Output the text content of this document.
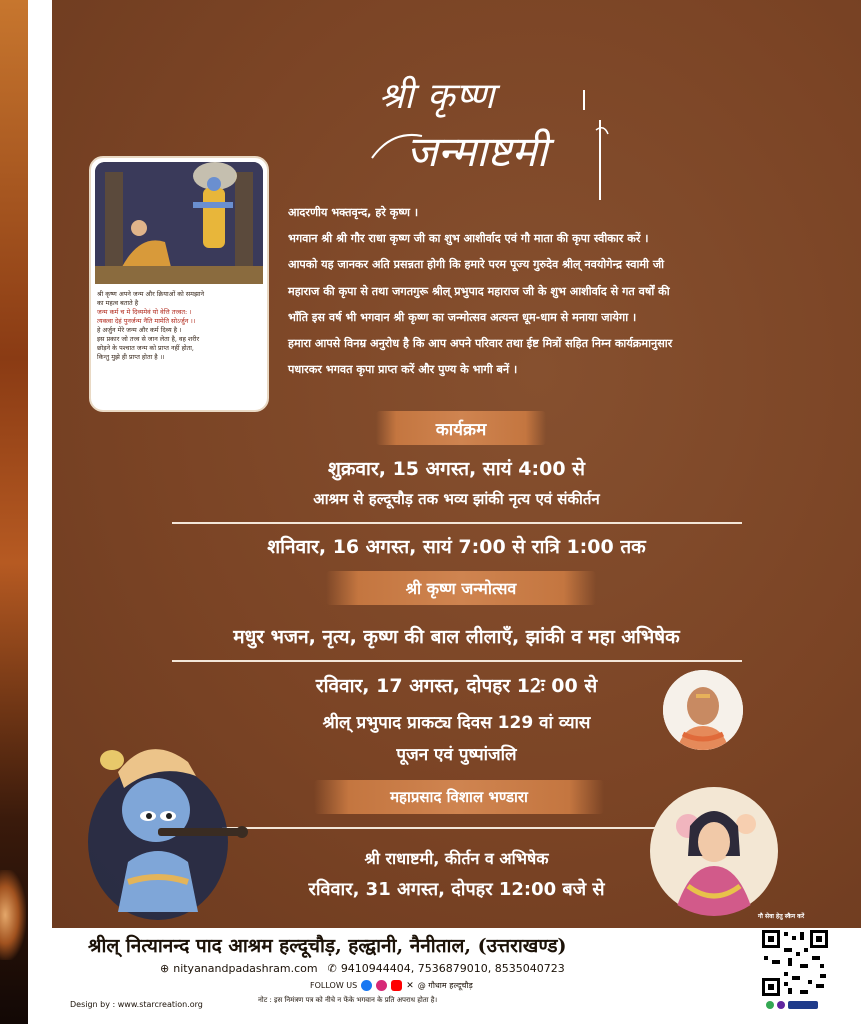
श्री कृष्ण
जन्माष्टमी
श्री कृष्ण अपने जन्म और क्रियाओं को समझाने
का महत्व बताते है
जन्म कर्म च मे दिव्यमेवं यो वेत्ति तत्त्वत: ।
त्यक्त्वा देहं पुनर्जन्म नैति मामेति सोऽर्जुन ।।
हे अर्जुन मेरे जन्म और कर्म दिव्य है ।
इस प्रकार जो तत्त्व से जान लेता है, वह शरीर
छोड़ने के पश्चात जन्म को प्राप्त नहीं होता,
किन्तु मुझे ही प्राप्त होता है ।।

आदरणीय भक्तवृन्द, हरे कृष्ण ।

भगवान श्री श्री गौर राधा कृष्ण जी का शुभ आशीर्वाद एवं गौ माता की कृपा स्वीकार करें ।

आपको यह जानकर अति प्रसन्नता होगी कि हमारे परम पूज्य गुरुदेव श्रील् नवयोगेन्द्र स्वामी जी

महाराज की कृपा से तथा जगतगुरू श्रील् प्रभुपाद महाराज जी के शुभ आशीर्वाद से गत वर्षों की

भाँति इस वर्ष भी भगवान श्री कृष्ण का जन्मोत्सव अत्यन्त धूम-धाम से मनाया जायेगा ।

हमारा आपसे विनम्र अनुरोध है कि आप अपने परिवार तथा ईष्ट मित्रों सहित निम्न कार्यक्रमानुसार

पधारकर भगवत कृपा प्राप्त करें और पुण्य के भागी बनें ।

कार्यक्रम
शुक्रवार, 15 अगस्त, सायं 4:00 से
आश्रम से हल्दूचौड़ तक भव्य झांकी नृत्य एवं संकीर्तन
शनिवार, 16 अगस्त, सायं 7:00 से रात्रि 1:00 तक
श्री कृष्ण जन्मोत्सव
मधुर भजन, नृत्य, कृष्ण की बाल लीलाएँ, झांकी व महा अभिषेक
रविवार, 17 अगस्त, दोपहर 12ः 00 से
श्रील् प्रभुपाद प्राकट्य दिवस 129 वां व्यास
पूजन एवं पुष्पांजलि
महाप्रसाद विशाल भण्डारा
श्री राधाष्टमी, कीर्तन व अभिषेक
रविवार, 31 अगस्त, दोपहर 12:00 बजे से
गौ सेवा हेतु स्कैन करें
श्रील् नित्यानन्द पाद आश्रम हल्दूचौड़, हल्द्वानी, नैनीताल, (उत्तराखण्ड)
⊕ nityanandpadashram.com ✆ 9410944404, 7536879010, 8535040723
FOLLOW US	✕ @ गौधाम हल्दूचौड़
Design by : www.starcreation.org	नोट : इस निमंत्रण पत्र को नीचे न फेंके भगवान के प्रति अपराध होता है।
